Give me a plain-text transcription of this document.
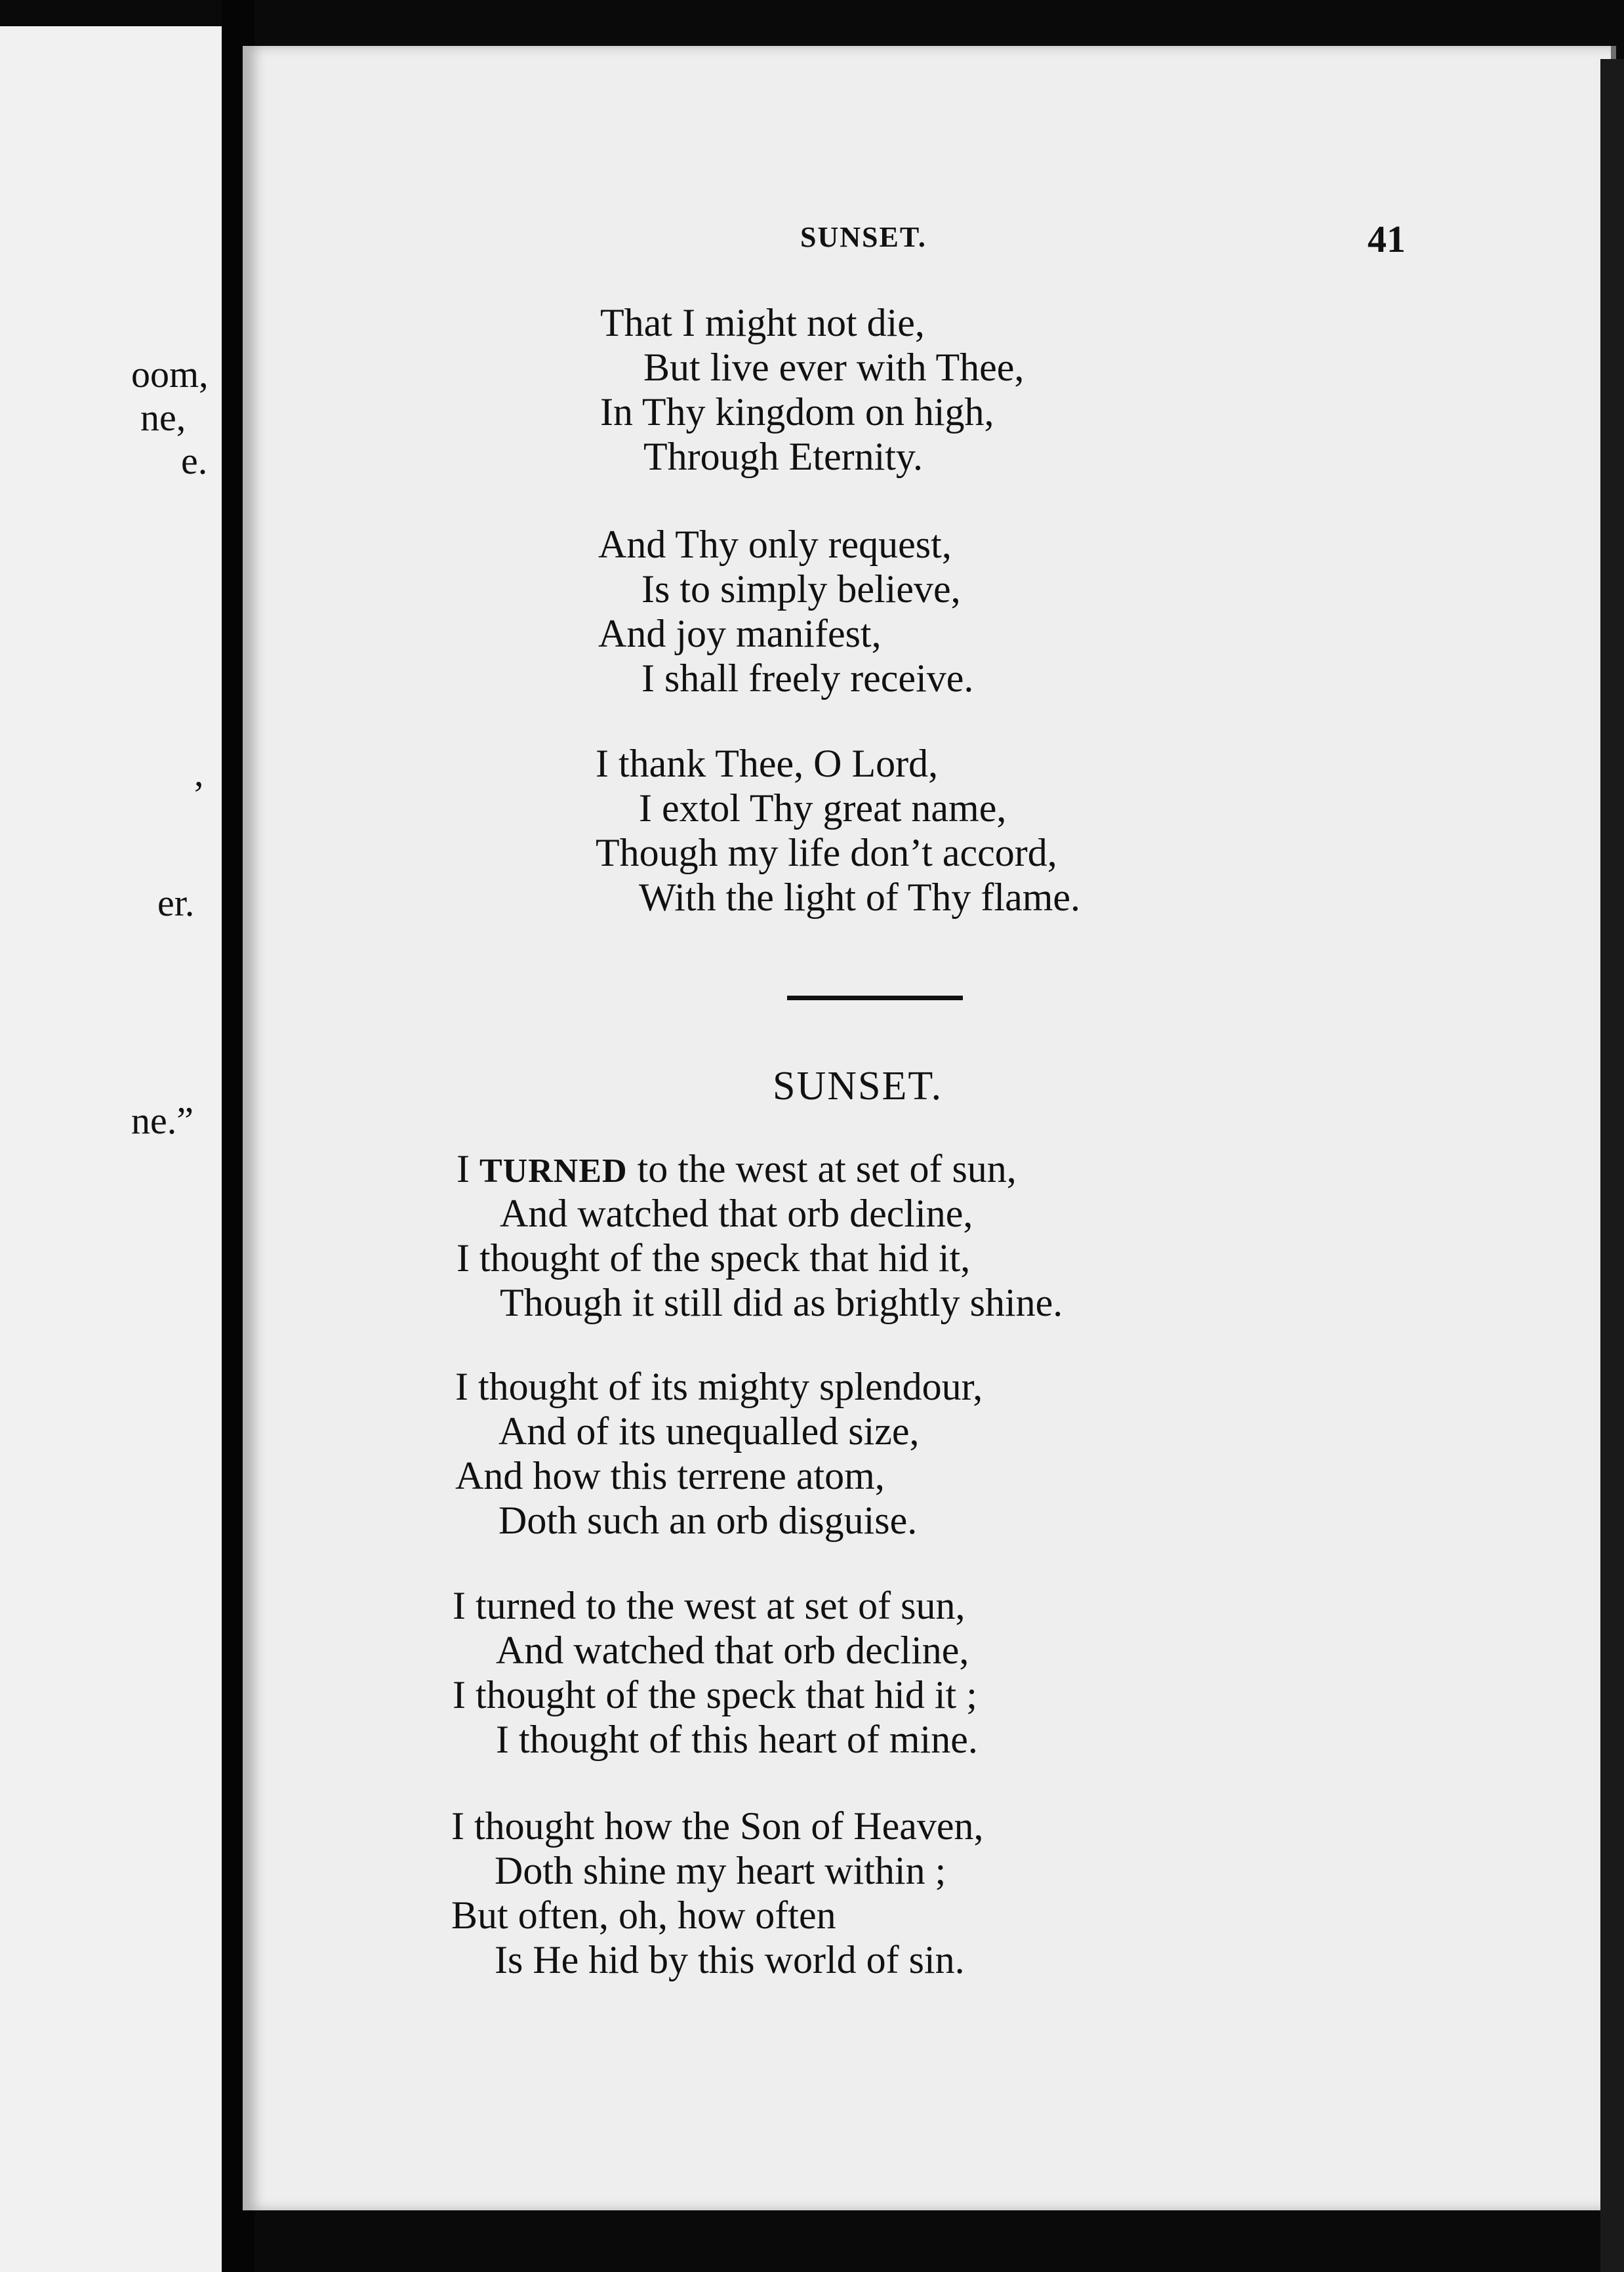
oom,
ne,
e.
,
er.
ne.”
SUNSET.	41
That I might not die,
But live ever with Thee,
In Thy kingdom on high,
Through Eternity.
And Thy only request,
Is to simply believe,
And joy manifest,
I shall freely receive.
I thank Thee, O Lord,
I extol Thy great name,
Though my life don’t accord,
With the light of Thy flame.
SUNSET.
I TURNED to the west at set of sun,
And watched that orb decline,
I thought of the speck that hid it,
Though it still did as brightly shine.
I thought of its mighty splendour,
And of its unequalled size,
And how this terrene atom,
Doth such an orb disguise.
I turned to the west at set of sun,
And watched that orb decline,
I thought of the speck that hid it ;
I thought of this heart of mine.
I thought how the Son of Heaven,
Doth shine my heart within ;
But often, oh, how often
Is He hid by this world of sin.
